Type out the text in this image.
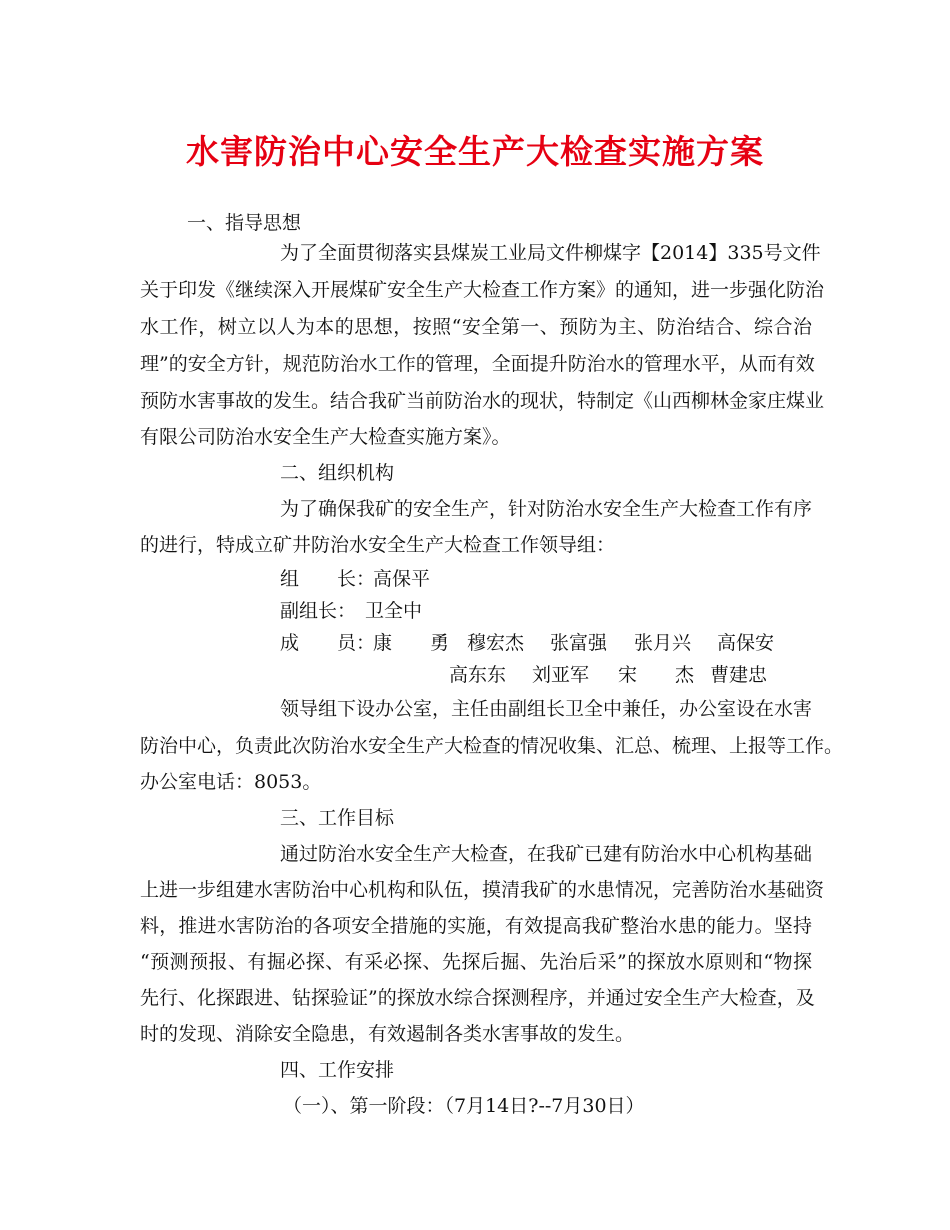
水害防治中心安全生产大检查实施方案
一、指导思想
为了全面贯彻落实县煤炭工业局文件柳煤字【2014】335号文件
关于印发《继续深入开展煤矿安全生产大检查工作方案》的通知，进一步强化防治
水工作，树立以人为本的思想，按照“安全第一、预防为主、防治结合、综合治
理”的安全方针，规范防治水工作的管理，全面提升防治水的管理水平，从而有效
预防水害事故的发生。结合我矿当前防治水的现状，特制定《山西柳林金家庄煤业
有限公司防治水安全生产大检查实施方案》。
二、组织机构
为了确保我矿的安全生产，针对防治水安全生产大检查工作有序
的进行，特成立矿井防治水安全生产大检查工作领导组：
组　　长：
高保平
副组长： 卫全中
成　　员：
康　　勇 穆宏杰 张富强 张月兴 高保安
高东东 刘亚军 宋　　杰 曹建忠
领导组下设办公室，主任由副组长卫全中兼任，办公室设在水害
防治中心，负责此次防治水安全生产大检查的情况收集、汇总、梳理、上报等工作。
办公室电话：8053。
三、工作目标
通过防治水安全生产大检查，在我矿已建有防治水中心机构基础
上进一步组建水害防治中心机构和队伍，摸清我矿的水患情况，完善防治水基础资
料，推进水害防治的各项安全措施的实施，有效提高我矿整治水患的能力。坚持
“预测预报、有掘必探、有采必探、先探后掘、先治后采”的探放水原则和“物探
先行、化探跟进、钻探验证”的探放水综合探测程序，并通过安全生产大检查，及
时的发现、消除安全隐患，有效遏制各类水害事故的发生。
四、工作安排
（一）、第一阶段：（7月14日?--7月30日）
